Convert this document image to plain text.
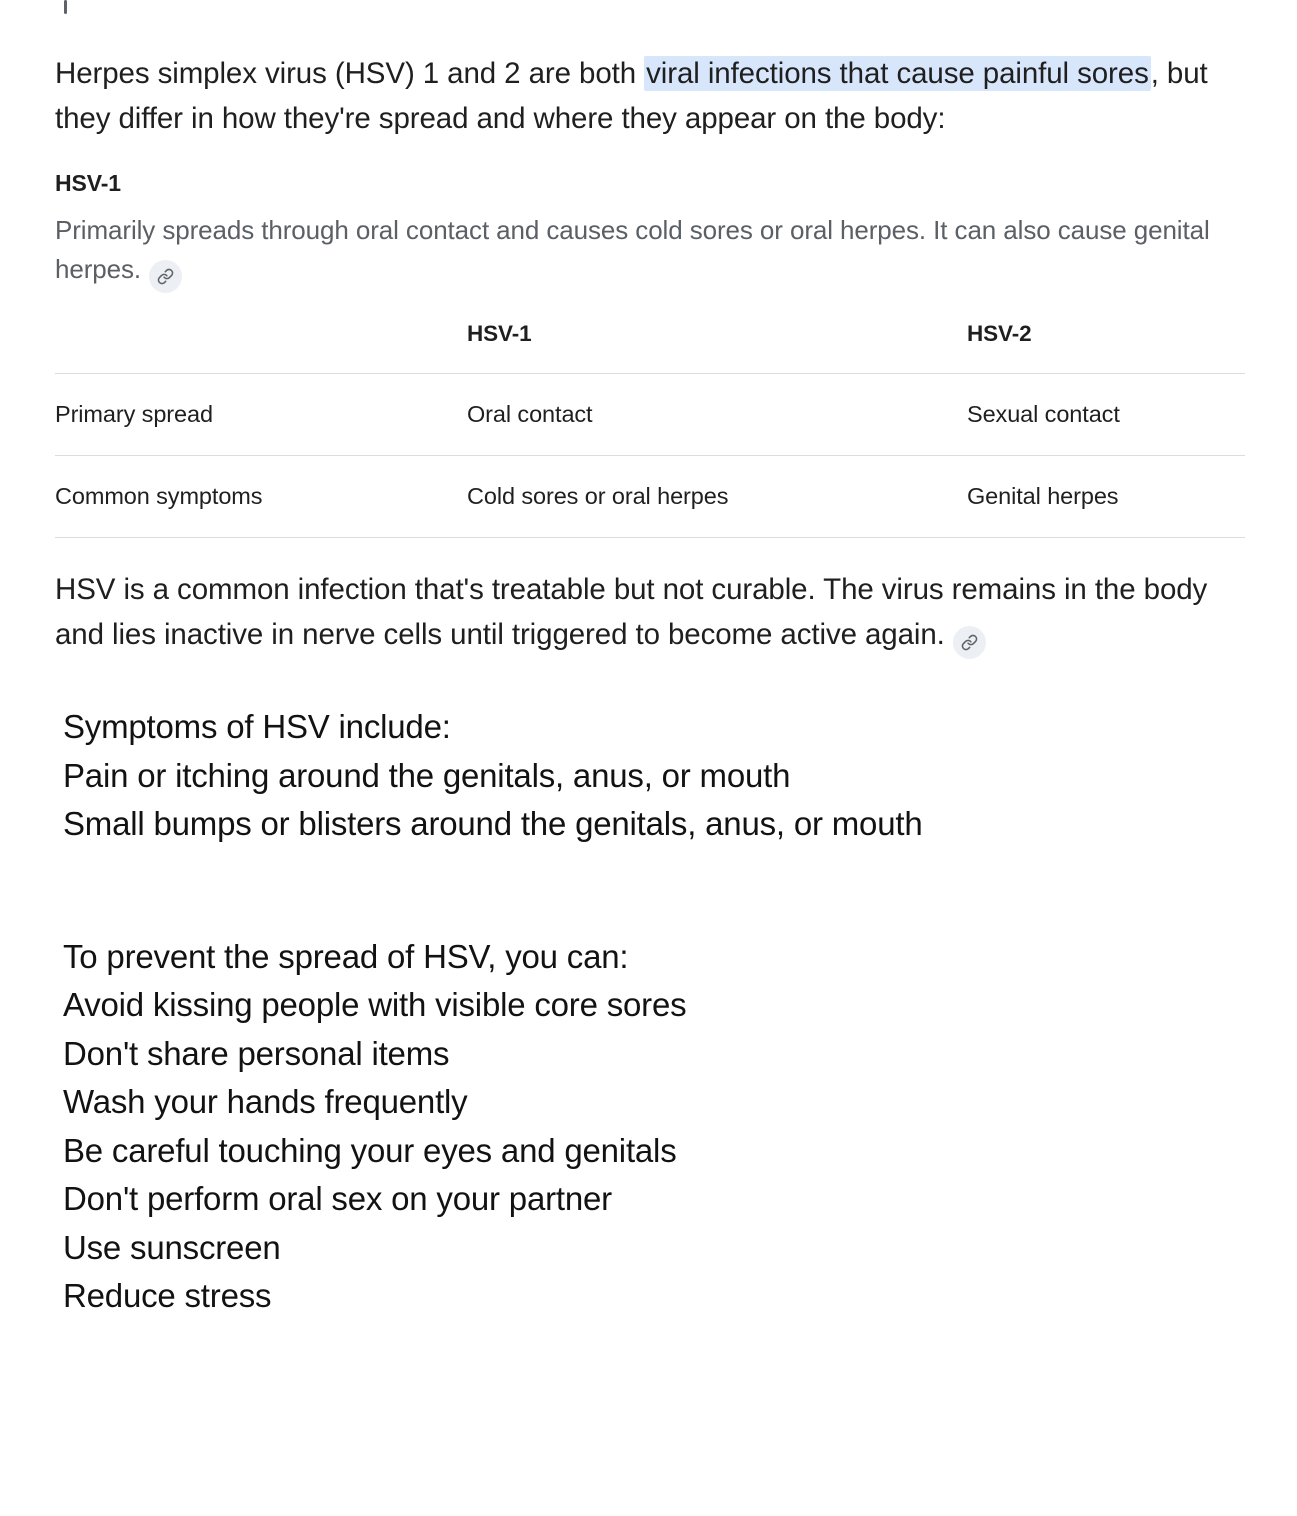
Herpes simplex virus (HSV) 1 and 2 are both viral infections that cause painful sores, but they differ in how they're spread and where they appear on the body:

HSV-1

Primarily spreads through oral contact and causes cold sores or oral herpes. It can also cause genital herpes.

	HSV-1	HSV-2
Primary spread	Oral contact	Sexual contact
Common symptoms	Cold sores or oral herpes	Genital herpes

HSV is a common infection that's treatable but not curable. The virus remains in the body and lies inactive in nerve cells until triggered to become active again.

Symptoms of HSV include:
Pain or itching around the genitals, anus, or mouth
Small bumps or blisters around the genitals, anus, or mouth
To prevent the spread of HSV, you can:
Avoid kissing people with visible core sores
Don't share personal items
Wash your hands frequently
Be careful touching your eyes and genitals
Don't perform oral sex on your partner
Use sunscreen
Reduce stress
